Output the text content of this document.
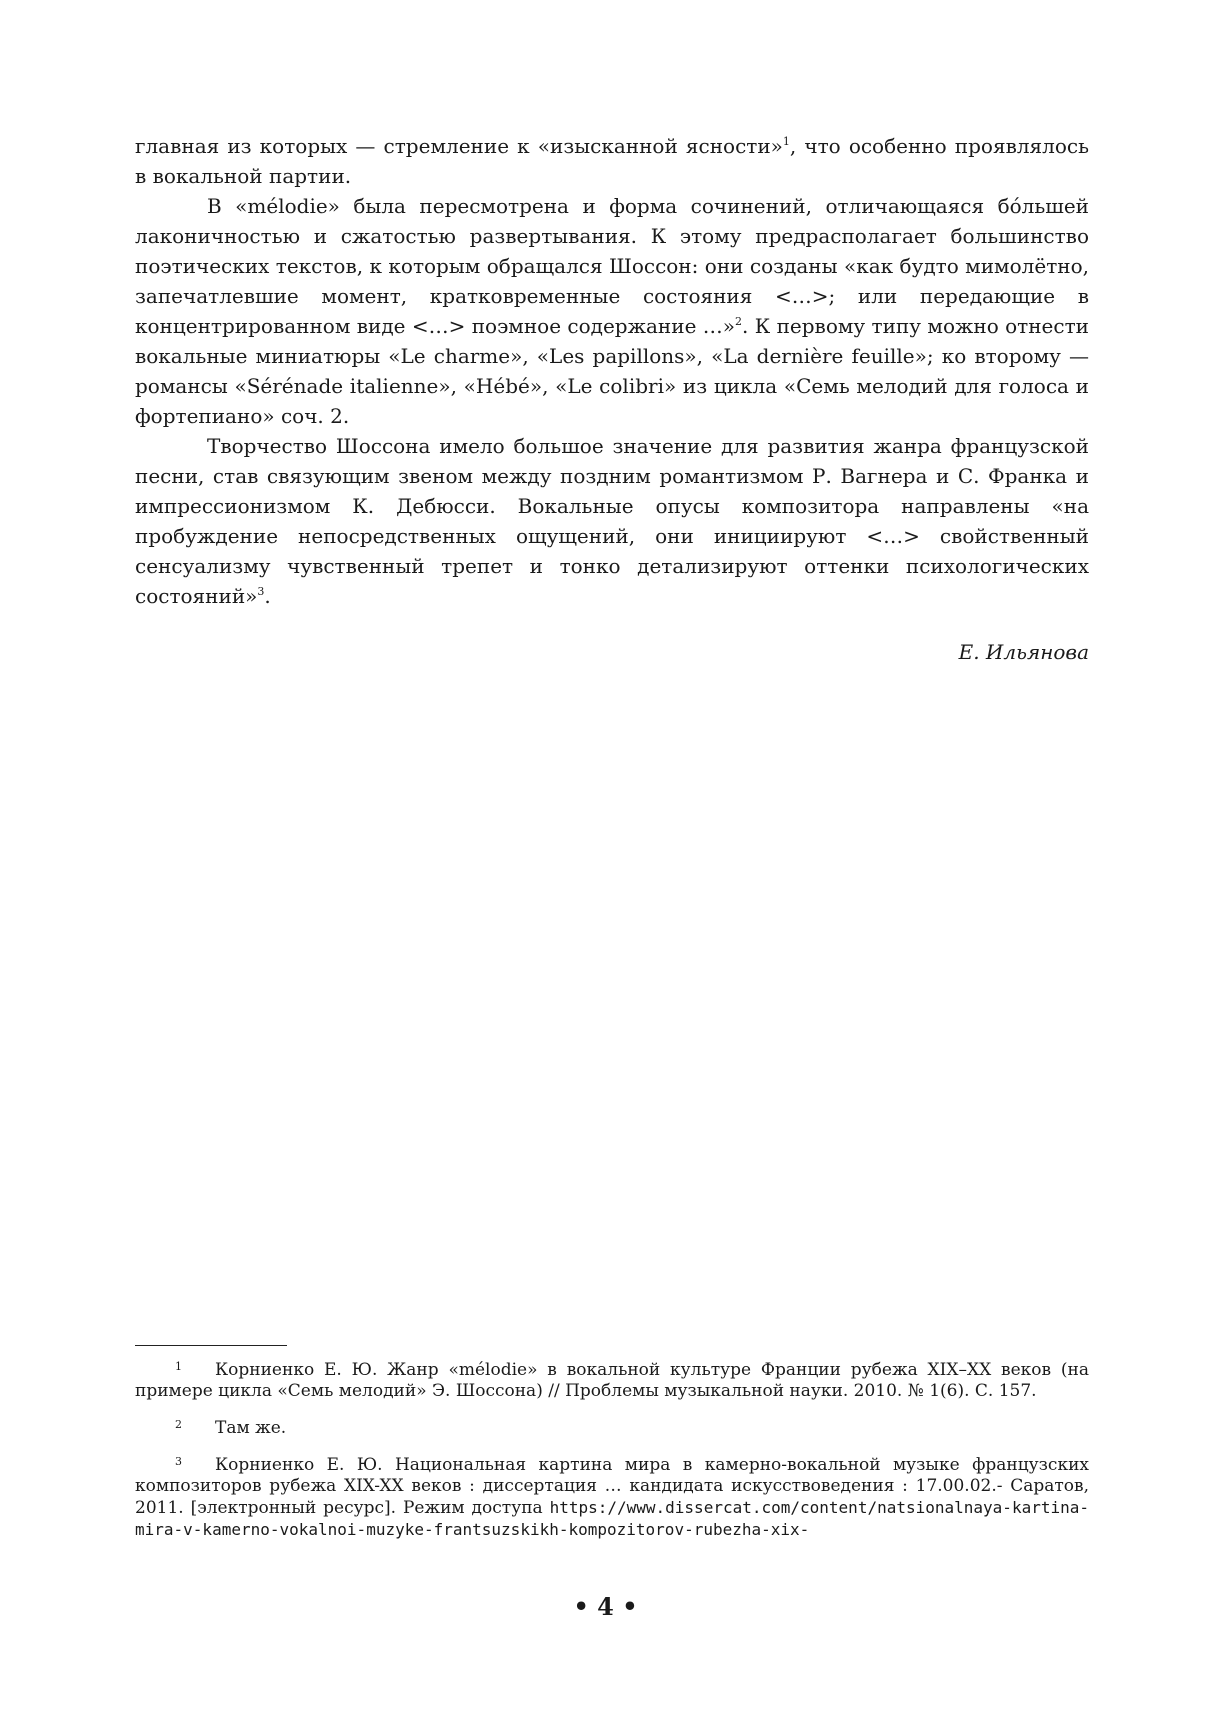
главная из которых — стремление к «изысканной ясности»$^1$, что особенно проявлялось в вокальной партии.

В «mélodie» была пересмотрена и форма сочинений, отличающаяся бóльшей лаконичностью и сжатостью развертывания. К этому предрасполагает большинство поэтических текстов, к которым обращался Шоссон: они созданы «как будто мимолётно, запечатлевшие момент, кратковременные состояния <…>; или передающие в концентрированном виде <…> поэмное содержание …»$^2$. К первому типу можно отнести вокальные миниатюры «Le charme», «Les papillons», «La dernière feuille»; ко второму — романсы «Sérénade italienne», «Hébé», «Le colibri» из цикла «Семь мелодий для голоса и фортепиано» соч. 2.

Творчество Шоссона имело большое значение для развития жанра французской песни, став связующим звеном между поздним романтизмом Р. Вагнера и С. Франка и импрессионизмом К. Дебюсси. Вокальные опусы композитора направлены «на пробуждение непосредственных ощущений, они инициируют <…> свойственный сенсуализму чувственный трепет и тонко детализируют оттенки психологических состояний»$^3$.

Е. Ильянова

1 Корниенко Е. Ю. Жанр «mélodie» в вокальной культуре Франции рубежа XIX–XX веков (на примере цикла «Семь мелодий» Э. Шоссона) // Проблемы музыкальной науки. 2010. № 1(6). С. 157.

2 Там же.

3 Корниенко Е. Ю. Национальная картина мира в камерно-вокальной музыке французских композиторов рубежа XIX-XX веков : диссертация … кандидата искусствоведения : 17.00.02.- Саратов, 2011. [электронный ресурс]. Режим доступа https://www.dissercat.com/content/natsionalnaya-kartina-mira-v-kamerno-vokalnoi-muzyke-frantsuzskikh-kompozitorov-rubezha-xix-

• 4 •
